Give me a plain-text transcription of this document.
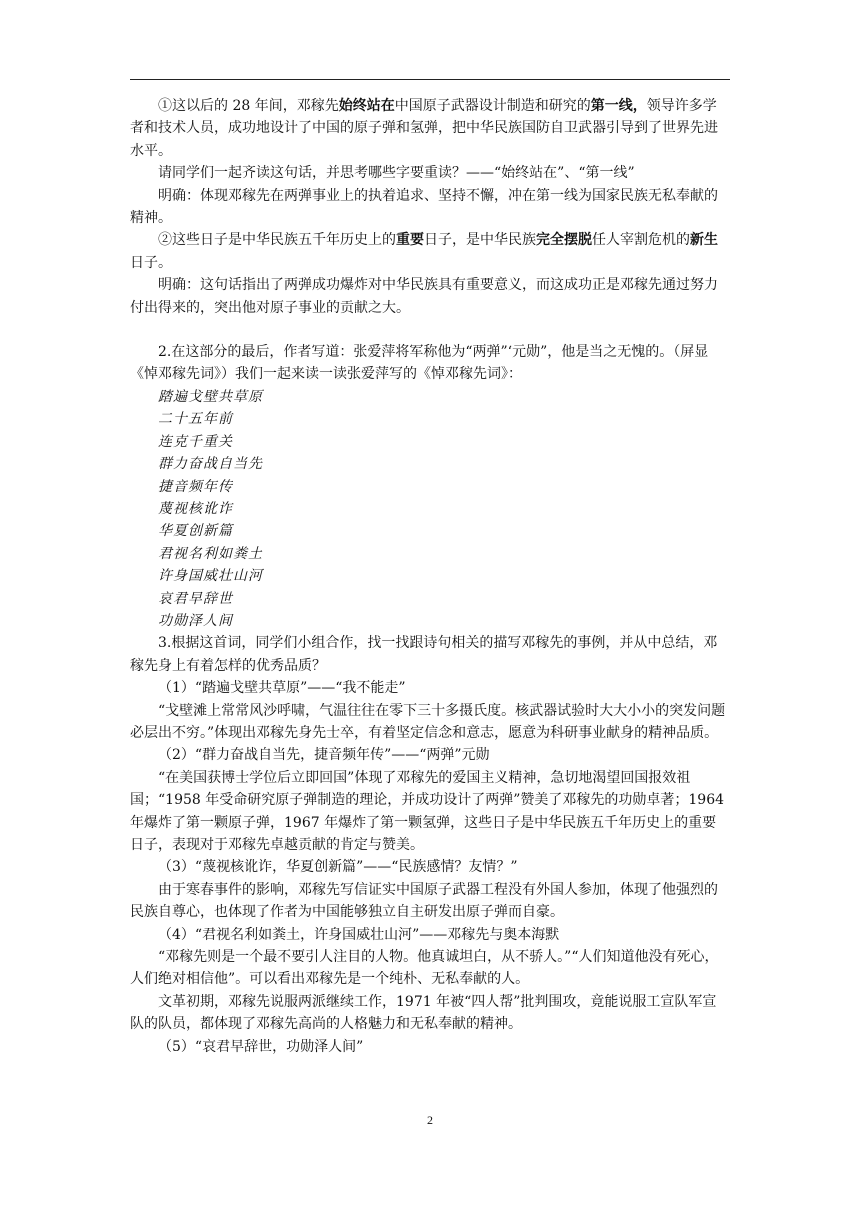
①这以后的 28 年间，邓稼先始终站在中国原子武器设计制造和研究的第一线，领导许多学者和技术人员，成功地设计了中国的原子弹和氢弹，把中华民族国防自卫武器引导到了世界先进水平。

请同学们一起齐读这句话，并思考哪些字要重读？——“始终站在”、“第一线”

明确：体现邓稼先在两弹事业上的执着追求、坚持不懈，冲在第一线为国家民族无私奉献的精神。

②这些日子是中华民族五千年历史上的重要日子，是中华民族完全摆脱任人宰割危机的新生日子。

明确：这句话指出了两弹成功爆炸对中华民族具有重要意义，而这成功正是邓稼先通过努力付出得来的，突出他对原子事业的贡献之大。

2.在这部分的最后，作者写道：张爱萍将军称他为“两弹”‘元勋”，他是当之无愧的。（屏显《悼邓稼先词》）我们一起来读一读张爱萍写的《悼邓稼先词》：

踏遍戈壁共草原

二十五年前

连克千重关

群力奋战自当先

捷音频年传

蔑视核讹诈

华夏创新篇

君视名利如粪土

许身国威壮山河

哀君早辞世

功勋泽人间

3.根据这首词，同学们小组合作，找一找跟诗句相关的描写邓稼先的事例，并从中总结，邓稼先身上有着怎样的优秀品质？

（1）“踏遍戈壁共草原”——“我不能走”

“戈壁滩上常常风沙呼啸，气温往往在零下三十多摄氏度。核武器试验时大大小小的突发问题必层出不穷。”体现出邓稼先身先士卒，有着坚定信念和意志，愿意为科研事业献身的精神品质。

（2）“群力奋战自当先，捷音频年传”——“两弹”元勋

“在美国获博士学位后立即回国”体现了邓稼先的爱国主义精神，急切地渴望回国报效祖国；“1958 年受命研究原子弹制造的理论，并成功设计了两弹”赞美了邓稼先的功勋卓著；1964 年爆炸了第一颗原子弹，1967 年爆炸了第一颗氢弹，这些日子是中华民族五千年历史上的重要日子，表现对于邓稼先卓越贡献的肯定与赞美。

（3）“蔑视核讹诈，华夏创新篇”——“民族感情？友情？”

由于寒春事件的影响，邓稼先写信证实中国原子武器工程没有外国人参加，体现了他强烈的民族自尊心，也体现了作者为中国能够独立自主研发出原子弹而自豪。

（4）“君视名利如粪土，许身国威壮山河”——邓稼先与奥本海默

“邓稼先则是一个最不要引人注目的人物。他真诚坦白，从不骄人。”“人们知道他没有死心，人们绝对相信他”。可以看出邓稼先是一个纯朴、无私奉献的人。

文革初期，邓稼先说服两派继续工作，1971 年被“四人帮”批判围攻，竟能说服工宣队军宣队的队员，都体现了邓稼先高尚的人格魅力和无私奉献的精神。

（5）“哀君早辞世，功勋泽人间”

2
